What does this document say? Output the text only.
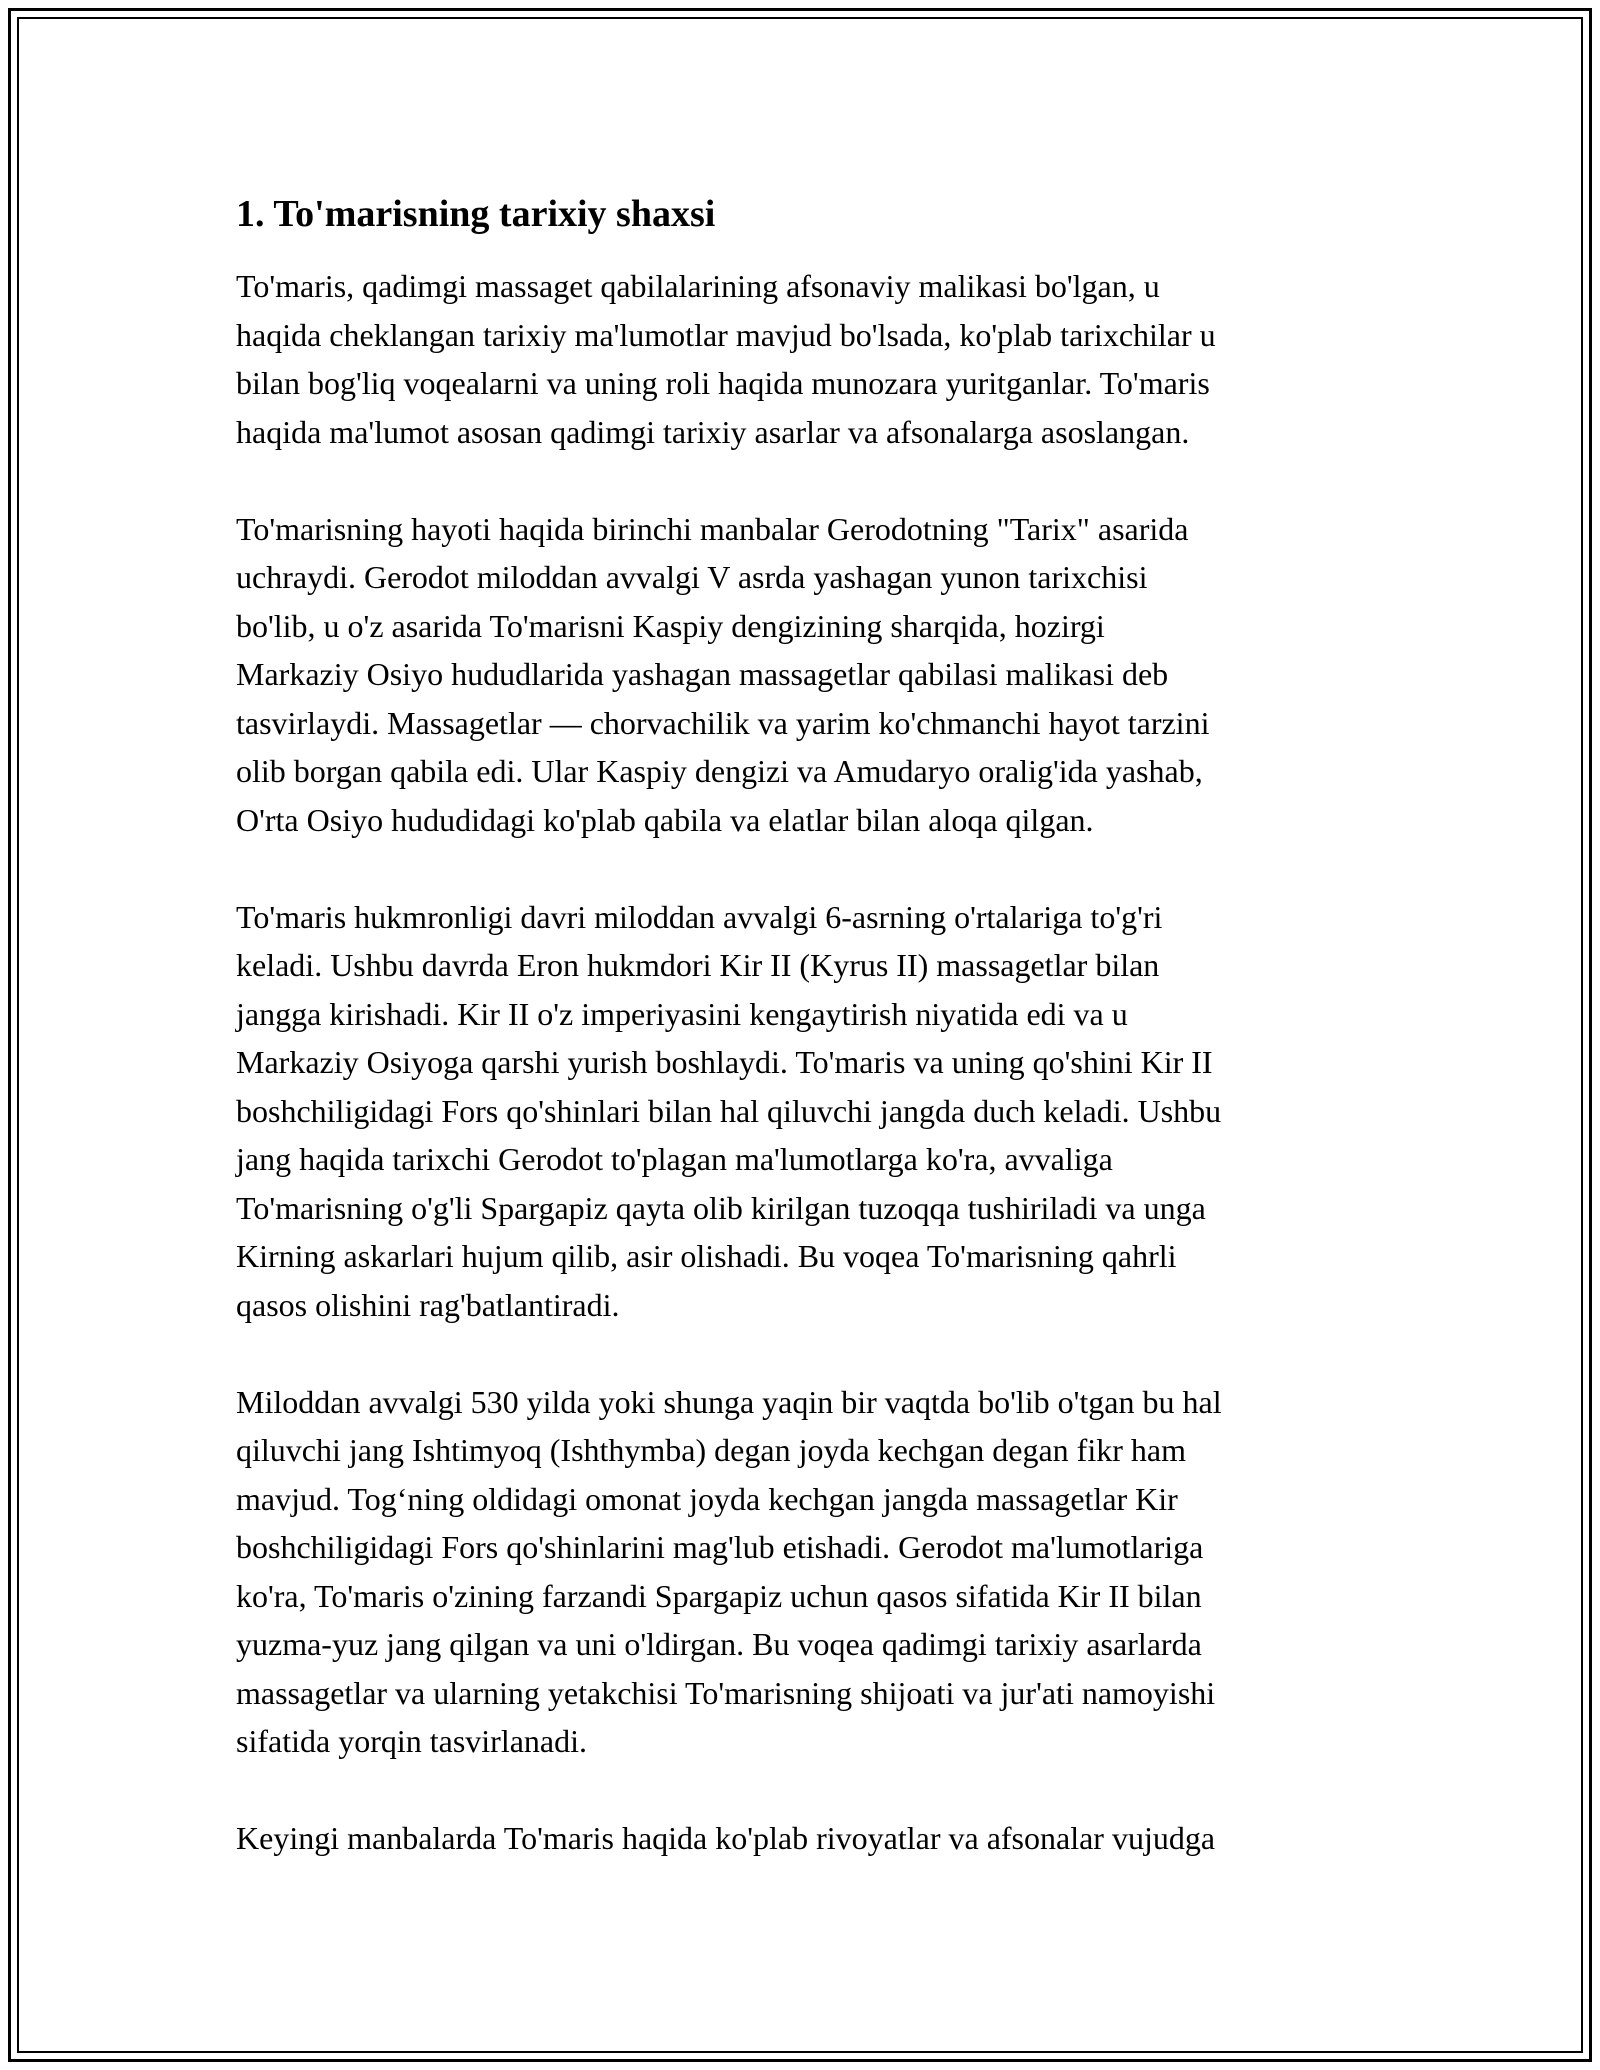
1. To'marisning tarixiy shaxsi

To'maris, qadimgi massaget qabilalarining afsonaviy malikasi bo'lgan, u
haqida cheklangan tarixiy ma'lumotlar mavjud bo'lsada, ko'plab tarixchilar u
bilan bog'liq voqealarni va uning roli haqida munozara yuritganlar. To'maris
haqida ma'lumot asosan qadimgi tarixiy asarlar va afsonalarga asoslangan.

To'marisning hayoti haqida birinchi manbalar Gerodotning "Tarix" asarida
uchraydi. Gerodot miloddan avvalgi V asrda yashagan yunon tarixchisi
bo'lib, u o'z asarida To'marisni Kaspiy dengizining sharqida, hozirgi
Markaziy Osiyo hududlarida yashagan massagetlar qabilasi malikasi deb
tasvirlaydi. Massagetlar — chorvachilik va yarim ko'chmanchi hayot tarzini
olib borgan qabila edi. Ular Kaspiy dengizi va Amudaryo oralig'ida yashab,
O'rta Osiyo hududidagi ko'plab qabila va elatlar bilan aloqa qilgan.

To'maris hukmronligi davri miloddan avvalgi 6-asrning o'rtalariga to'g'ri
keladi. Ushbu davrda Eron hukmdori Kir II (Kyrus II) massagetlar bilan
jangga kirishadi. Kir II o'z imperiyasini kengaytirish niyatida edi va u
Markaziy Osiyoga qarshi yurish boshlaydi. To'maris va uning qo'shini Kir II
boshchiligidagi Fors qo'shinlari bilan hal qiluvchi jangda duch keladi. Ushbu
jang haqida tarixchi Gerodot to'plagan ma'lumotlarga ko'ra, avvaliga
To'marisning o'g'li Spargapiz qayta olib kirilgan tuzoqqa tushiriladi va unga
Kirning askarlari hujum qilib, asir olishadi. Bu voqea To'marisning qahrli
qasos olishini rag'batlantiradi.

Miloddan avvalgi 530 yilda yoki shunga yaqin bir vaqtda bo'lib o'tgan bu hal
qiluvchi jang Ishtimyoq (Ishthymba) degan joyda kechgan degan fikr ham
mavjud. Tog‘ning oldidagi omonat joyda kechgan jangda massagetlar Kir
boshchiligidagi Fors qo'shinlarini mag'lub etishadi. Gerodot ma'lumotlariga
ko'ra, To'maris o'zining farzandi Spargapiz uchun qasos sifatida Kir II bilan
yuzma-yuz jang qilgan va uni o'ldirgan. Bu voqea qadimgi tarixiy asarlarda
massagetlar va ularning yetakchisi To'marisning shijoati va jur'ati namoyishi
sifatida yorqin tasvirlanadi.

Keyingi manbalarda To'maris haqida ko'plab rivoyatlar va afsonalar vujudga
